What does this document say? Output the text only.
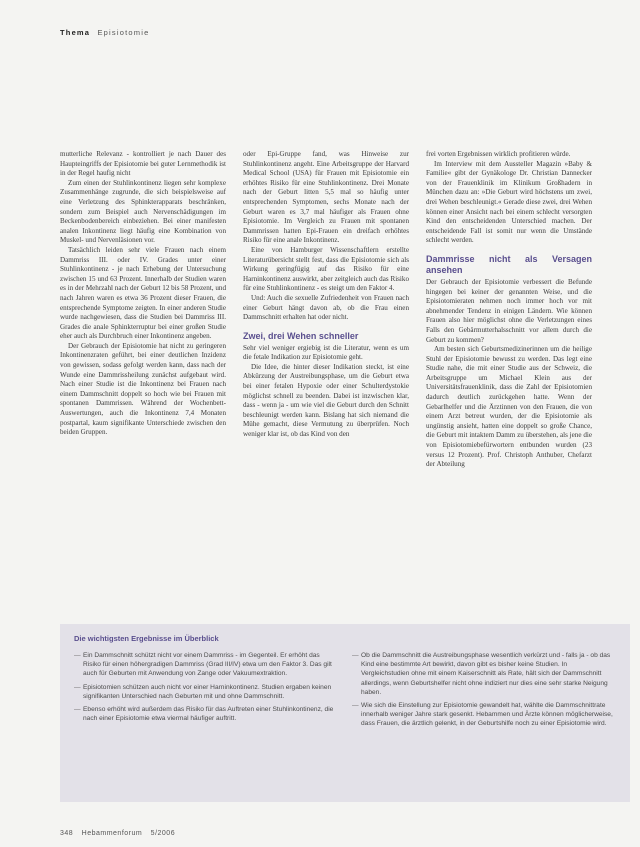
Thema Episiotomie

mutterliche Relevanz - kontrolliert je nach Dauer des Haupteingriffs der Episiotomie bei guter Lernmethodik ist in der Regel haufig nicht

Zum einen der Stuhlinkontinenz liegen sehr komplexe Zusammenhänge zugrunde, die sich beispielsweise auf eine Verletzung des Sphinkterapparats beschränken, sondern zum Beispiel auch Nervenschädigungen im Beckenbodenbereich einbeziehen. Bei einer manifesten analen Inkontinenz liegt häufig eine Kombination von Muskel- und Nervenläsionen vor.

Tatsächlich leiden sehr viele Frauen nach einem Dammriss III. oder IV. Grades unter einer Stuhlinkontinenz - je nach Erhebung der Untersuchung zwischen 15 und 63 Prozent. Innerhalb der Studien waren es in der Mehrzahl nach der Geburt 12 bis 58 Prozent, und nach Jahren waren es etwa 36 Prozent dieser Frauen, die entsprechende Symptome zeigten. In einer anderen Studie wurde nachgewiesen, dass die Studien bei Dammriss III. Grades die anale Sphinkterruptur bei einer großen Studie eher auch als Durchbruch einer Inkontinenz angeben.

Der Gebrauch der Episiotomie hat nicht zu geringeren Inkontinenzraten geführt, bei einer deutlichen Inzidenz von gewissen, sodass gefolgt werden kann, dass nach der Wunde eine Dammrissheilung zunächst aufgebaut wird. Nach einer Studie ist die Inkontinenz bei Frauen nach einem Dammschnitt doppelt so hoch wie bei Frauen mit spontanen Dammrissen. Während der Wochenbett-Auswertungen, auch die Inkontinenz 7,4 Monaten postpartal, kaum signifikante Unterschiede zwischen den beiden Gruppen.

oder Epi-Gruppe fand, was Hinweise zur Stuhlinkontinenz angeht. Eine Arbeitsgruppe der Harvard Medical School (USA) für Frauen mit Episiotomie ein erhöhtes Risiko für eine Stuhlinkontinenz. Drei Monate nach der Geburt litten 5,5 mal so häufig unter entsprechenden Symptomen, sechs Monate nach der Geburt waren es 3,7 mal häufiger als Frauen ohne Episiotomie. Im Vergleich zu Frauen mit spontanen Dammrissen hatten Epi-Frauen ein dreifach erhöhtes Risiko für eine anale Inkontinenz.

Eine von Hamburger Wissenschaftlern erstellte Literaturübersicht stellt fest, dass die Episiotomie sich als Wirkung geringfügig auf das Risiko für eine Harninkontinenz auswirkt, aber zeitgleich auch das Risiko für eine Stuhlinkontinenz - es steigt um den Faktor 4.

Und: Auch die sexuelle Zufriedenheit von Frauen nach einer Geburt hängt davon ab, ob die Frau einen Dammschnitt erhalten hat oder nicht.

Zwei, drei Wehen schneller

Sehr viel weniger ergiebig ist die Literatur, wenn es um die fetale Indikation zur Episiotomie geht.

Die Idee, die hinter dieser Indikation steckt, ist eine Abkürzung der Austreibungsphase, um die Geburt etwa bei einer fetalen Hypoxie oder einer Schulterdystokie möglichst schnell zu beenden. Dabei ist inzwischen klar, dass - wenn ja - um wie viel die Geburt durch den Schnitt beschleunigt werden kann. Bislang hat sich niemand die Mühe gemacht, diese Vermutung zu überprüfen. Noch weniger klar ist, ob das Kind von den

frei vorten Ergebnissen wirklich profitieren würde.

Im Interview mit dem Aussteller Magazin »Baby & Familie« gibt der Gynäkologe Dr. Christian Dannecker von der Frauenklinik im Klinikum Großhadern in München dazu an: »Die Geburt wird höchstens um zwei, drei Wehen beschleunigt.« Gerade diese zwei, drei Wehen können einer Ansicht nach bei einem schlecht versorgten Kind den entscheidenden Unterschied machen. Der entscheidende Fall ist somit nur wenn die Umstände schlecht werden.

Dammrisse nicht als Versagen ansehen

Der Gebrauch der Episiotomie verbessert die Befunde hingegen bei keiner der genannten Weise, und die Episiotomieraten nehmen noch immer hoch vor mit abnehmender Tendenz in einigen Ländern. Wie können Frauen also hier möglichst ohne die Verletzungen eines Falls den Gebärmutterhalsschnitt vor allem durch die Geburt zu kommen?

Am besten sich Geburtsmedizinerinnen um die heilige Stuhl der Episiotomie bewusst zu werden. Das legt eine Studie nahe, die mit einer Studie aus der Schweiz, die Arbeitsgruppe um Michael Klein aus der Universitätsfrauenklinik, dass die Zahl der Episiotomien dadurch deutlich zurückgehen hatte. Wenn der Gebarlhelfer und die Ärztinnen von den Frauen, die von einem Arzt betreut wurden, der die Episiotomie als ungünstig ansieht, hatten eine doppelt so große Chance, die Geburt mit intaktem Damm zu überstehen, als jene die von Episiotomiebefürwortern entbunden wurden (23 versus 12 Prozent). Prof. Christoph Anthuber, Chefarzt der Abteilung

Die wichtigsten Ergebnisse im Überblick
— Ein Dammschnitt schützt nicht vor einem Dammriss - im Gegenteil. Er erhöht das Risiko für einen höhergradigen Dammriss (Grad III/IV) etwa um den Faktor 3. Das gilt auch für Geburten mit Anwendung von Zange oder Vakuumextraktion.
— Episiotomien schützen auch nicht vor einer Harninkontinenz. Studien ergaben keinen signifikanten Unterschied nach Geburten mit und ohne Dammschnitt.
— Ebenso erhöht wird außerdem das Risiko für das Auftreten einer Stuhlinkontinenz, die nach einer Episiotomie etwa viermal häufiger auftritt.
— Ob die Dammschnitt die Austreibungsphase wesentlich verkürzt und - falls ja - ob das Kind eine bestimmte Art bewirkt, davon gibt es bisher keine Studien. In Vergleichstudien ohne mit einem Kaiserschnitt als Rate, hält sich der Dammschnitt allerdings, wenn Geburtshelfer nicht ohne indiziert nur dies eine sehr starke Neigung haben.
— Wie sich die Einstellung zur Episiotomie gewandelt hat, wählte die Dammschnittrate innerhalb weniger Jahre stark gesenkt. Hebammen und Ärzte können möglicherweise, dass Frauen, die ärztlich gelenkt, in der Geburtshilfe noch zu einer Episiotomie wird.
348 Hebammenforum 5/2006
